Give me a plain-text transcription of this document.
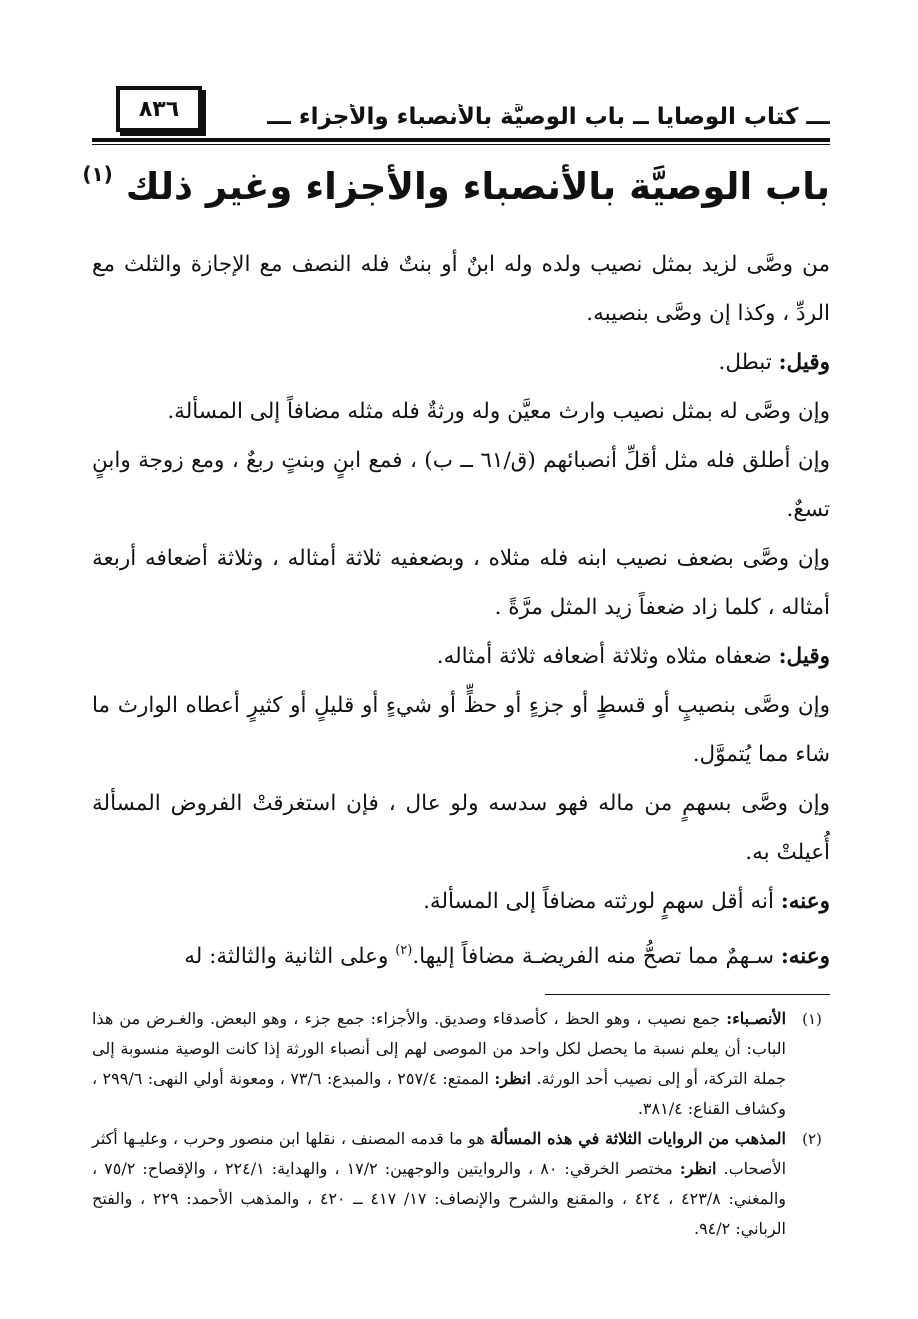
٨٣٦	ـــ كتاب الوصايا ــ باب الوصيَّة بالأنصباء والأجزاء ـــ
باب الوصيَّة بالأنصباء والأجزاء وغير ذلك $^{(١)}$

من وصَّى لزيد بمثل نصيب ولده وله ابنٌ أو بنتٌ فله النصف مع الإجازة والثلث مع الردِّ ، وكذا إن وصَّى بنصيبه.

وقيل: تبطل.

وإن وصَّى له بمثل نصيب وارث معيَّن وله ورثةٌ فله مثله مضافاً إلى المسألة.

وإن أطلق فله مثل أقلِّ أنصبائهم (ق/٦١ ــ ب) ، فمع ابنٍ وبنتٍ ربعٌ ، ومع زوجة وابنٍ تسعٌ.

وإن وصَّى بضعف نصيب ابنه فله مثلاه ، وبضعفيه ثلاثة أمثاله ، وثلاثة أضعافه أربعة أمثاله ، كلما زاد ضعفاً زيد المثل مرَّةً .

وقيل: ضعفاه مثلاه وثلاثة أضعافه ثلاثة أمثاله.

وإن وصَّى بنصيبٍ أو قسطٍ أو جزءٍ أو حظٍّ أو شيءٍ أو قليلٍ أو كثيرٍ أعطاه الوارث ما شاء مما يُتموَّل.

وإن وصَّى بسهمٍ من ماله فهو سدسه ولو عال ، فإن استغرقتْ الفروض المسألة أُعيلتْ به.

وعنه: أنه أقل سهمٍ لورثته مضافاً إلى المسألة.

وعنه: سـهمٌ مما تصحُّ منه الفريضـة مضافاً إليها.$^{(٢)}$ وعلى الثانية والثالثة: له

(١)

الأنصـباء: جمع نصيب ، وهو الحظ ، كأصدقاء وصديق. والأجزاء: جمع جزء ، وهو البعض. والغـرض من هذا الباب: أن يعلم نسبة ما يحصل لكل واحد من الموصى لهم إلى أنصباء الورثة إذا كانت الوصية منسوبة إلى جملة التركة، أو إلى نصيب أحد الورثة. انظر: الممتع: ٢٥٧/٤ ، والمبدع: ٧٣/٦ ، ومعونة أولي النهى: ٢٩٩/٦ ، وكشاف القناع: ٣٨١/٤.

(٢)

المذهب من الروايات الثلاثة في هذه المسألة هو ما قدمه المصنف ، نقلها ابن منصور وحرب ، وعليـها أكثر الأصحاب. انظر: مختصر الخرقي: ٨٠ ، والروايتين والوجهين: ١٧/٢ ، والهداية: ٢٢٤/١ ، والإقصاح: ٧٥/٢ ، والمغني: ٤٢٣/٨ ، ٤٢٤ ، والمقنع والشرح والإنصاف: ١٧/ ٤١٧ ــ ٤٢٠ ، والمذهب الأحمد: ٢٢٩ ، والفتح الرباني: ٩٤/٢.
